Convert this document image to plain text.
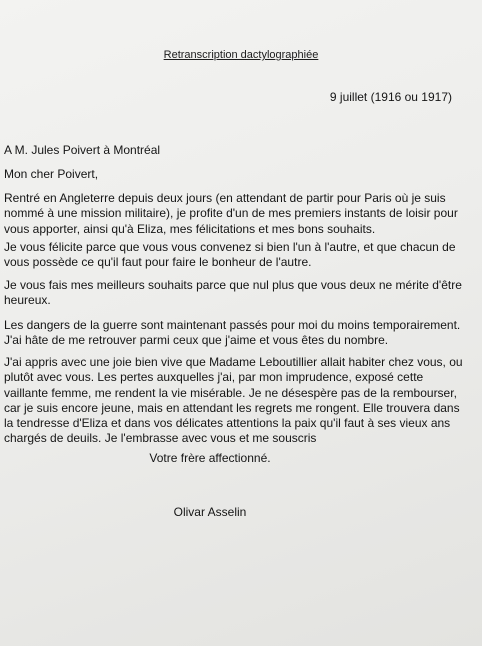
Retranscription dactylographiée
9 juillet (1916 ou 1917)

A M. Jules Poivert à Montréal

Mon cher Poivert,

Rentré en Angleterre depuis deux jours (en attendant de partir pour Paris où je suis nommé à une mission militaire), je profite d'un de mes premiers instants de loisir pour vous apporter, ainsi qu'à Eliza, mes félicitations et mes bons souhaits.

Je vous félicite parce que vous vous convenez si bien l'un à l'autre, et que chacun de vous possède ce qu'il faut pour faire le bonheur de l'autre.

Je vous fais mes meilleurs souhaits parce que nul plus que vous deux ne mérite d'être heureux.

Les dangers de la guerre sont maintenant passés pour moi du moins temporairement. J'ai hâte de me retrouver parmi ceux que j'aime et vous êtes du nombre.

J'ai appris avec une joie bien vive que Madame Leboutillier allait habiter chez vous, ou plutôt avec vous. Les pertes auxquelles j'ai, par mon imprudence, exposé cette vaillante femme, me rendent la vie misérable. Je ne désespère pas de la rembourser, car je suis encore jeune, mais en attendant les regrets me rongent. Elle trouvera dans la tendresse d'Eliza et dans vos délicates attentions la paix qu'il faut à ses vieux ans chargés de deuils. Je l'embrasse avec vous et me souscris

Votre frère affectionné.
Olivar Asselin
